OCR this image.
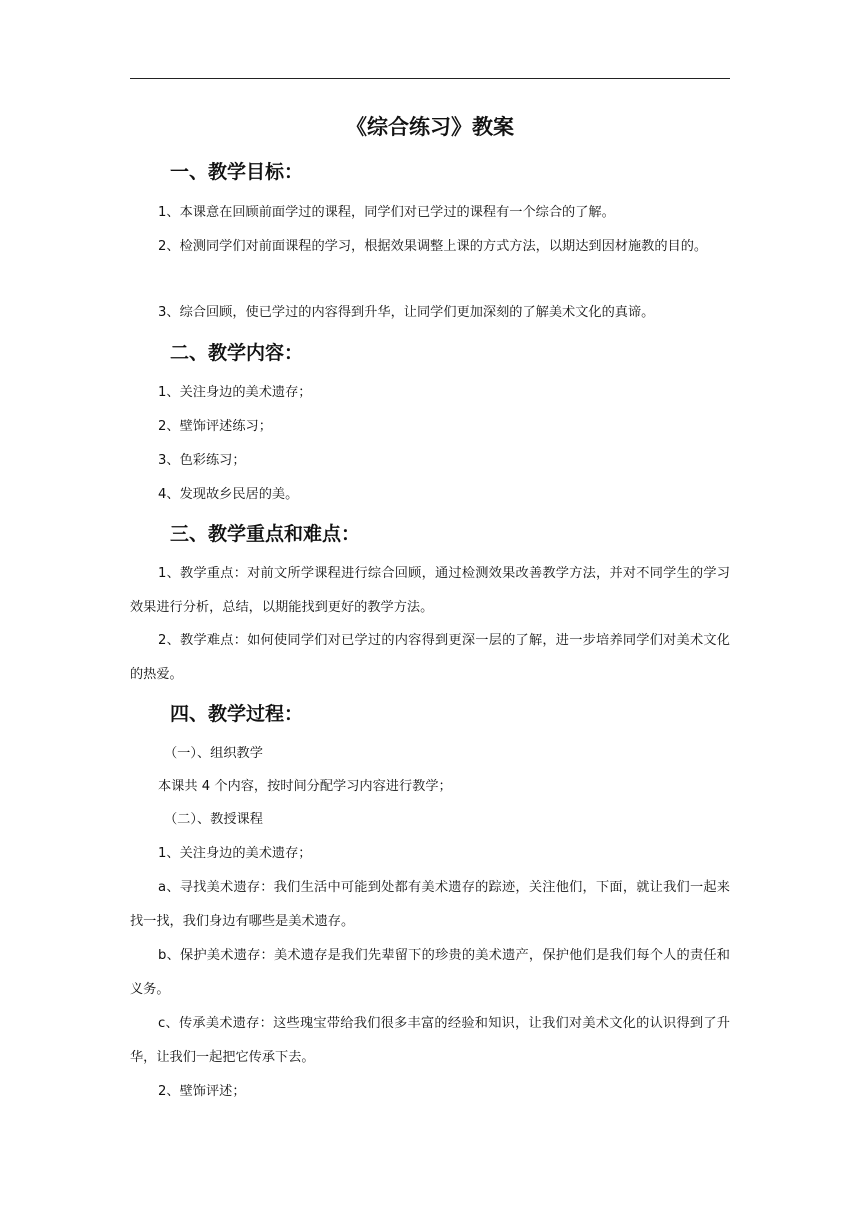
《综合练习》教案
一、教学目标：
1、本课意在回顾前面学过的课程，同学们对已学过的课程有一个综合的了解。
2、检测同学们对前面课程的学习，根据效果调整上课的方式方法，以期达到因材施教的目的。
3、综合回顾，使已学过的内容得到升华，让同学们更加深刻的了解美术文化的真谛。
二、教学内容：
1、关注身边的美术遗存；
2、壁饰评述练习；
3、色彩练习；
4、发现故乡民居的美。
三、教学重点和难点：
1、教学重点：对前文所学课程进行综合回顾，通过检测效果改善教学方法，并对不同学生的学习效果进行分析，总结，以期能找到更好的教学方法。
2、教学难点：如何使同学们对已学过的内容得到更深一层的了解，进一步培养同学们对美术文化的热爱。
四、教学过程：
（一）、组织教学
本课共 4 个内容，按时间分配学习内容进行教学；
（二）、教授课程
1、关注身边的美术遗存；
a、寻找美术遗存：我们生活中可能到处都有美术遗存的踪迹，关注他们，下面，就让我们一起来找一找，我们身边有哪些是美术遗存。
b、保护美术遗存：美术遗存是我们先辈留下的珍贵的美术遗产，保护他们是我们每个人的责任和义务。
c、传承美术遗存：这些瑰宝带给我们很多丰富的经验和知识，让我们对美术文化的认识得到了升华，让我们一起把它传承下去。
2、壁饰评述；
